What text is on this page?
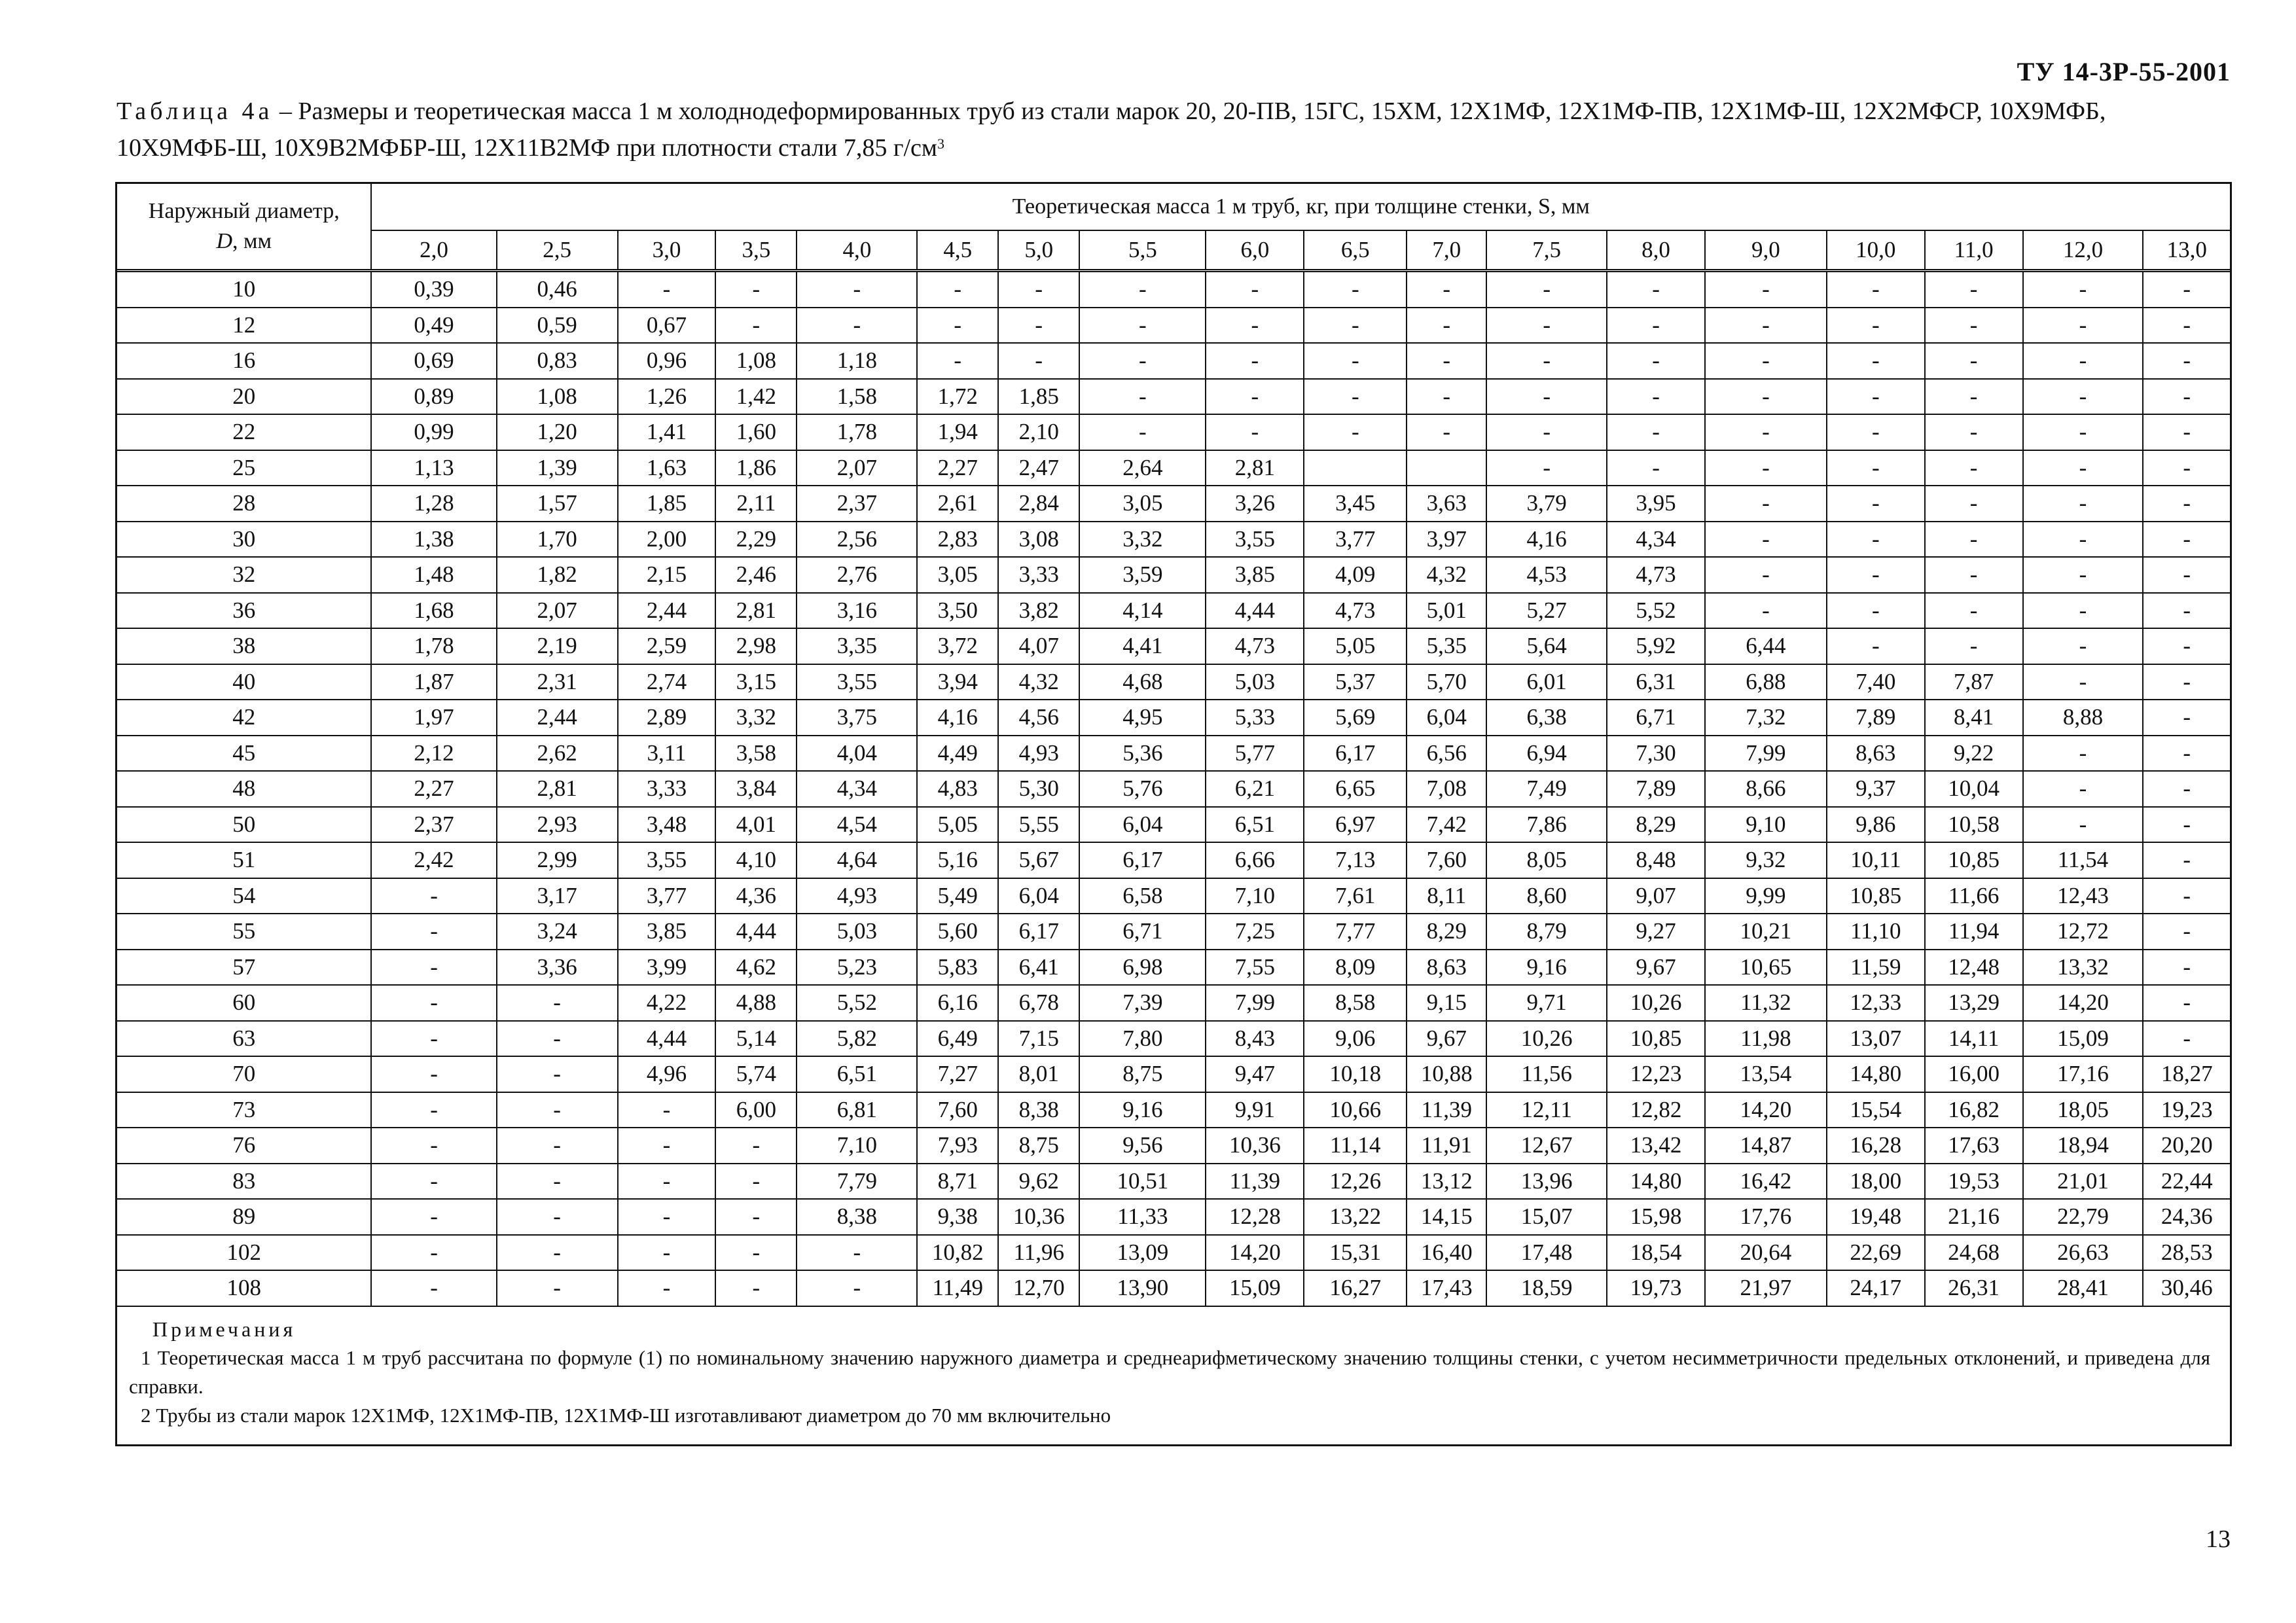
ТУ 14-3Р-55-2001
Таблица 4а – Размеры и теоретическая масса 1 м холоднодеформированных труб из стали марок 20, 20-ПВ, 15ГС, 15ХМ, 12Х1МФ, 12Х1МФ-ПВ, 12Х1МФ-Ш, 12Х2МФСР, 10Х9МФБ, 10Х9МФБ-Ш, 10Х9В2МФБР-Ш, 12Х11В2МФ при плотности стали 7,85 $г/см^3$
Наружный диаметр,
D, мм	Теоретическая масса 1 м труб, кг, при толщине стенки, S, мм																	
	2,0	2,5	3,0	3,5	4,0	4,5	5,0	5,5	6,0	6,5	7,0	7,5	8,0	9,0	10,0	11,0	12,0	13,0
10	0,39	0,46	-	-	-	-	-	-	-	-	-	-	-	-	-	-	-	-
12	0,49	0,59	0,67	-	-	-	-	-	-	-	-	-	-	-	-	-	-	-
16	0,69	0,83	0,96	1,08	1,18	-	-	-	-	-	-	-	-	-	-	-	-	-
20	0,89	1,08	1,26	1,42	1,58	1,72	1,85	-	-	-	-	-	-	-	-	-	-	-
22	0,99	1,20	1,41	1,60	1,78	1,94	2,10	-	-	-	-	-	-	-	-	-	-	-
25	1,13	1,39	1,63	1,86	2,07	2,27	2,47	2,64	2,81			-	-	-	-	-	-	-
28	1,28	1,57	1,85	2,11	2,37	2,61	2,84	3,05	3,26	3,45	3,63	3,79	3,95	-	-	-	-	-
30	1,38	1,70	2,00	2,29	2,56	2,83	3,08	3,32	3,55	3,77	3,97	4,16	4,34	-	-	-	-	-
32	1,48	1,82	2,15	2,46	2,76	3,05	3,33	3,59	3,85	4,09	4,32	4,53	4,73	-	-	-	-	-
36	1,68	2,07	2,44	2,81	3,16	3,50	3,82	4,14	4,44	4,73	5,01	5,27	5,52	-	-	-	-	-
38	1,78	2,19	2,59	2,98	3,35	3,72	4,07	4,41	4,73	5,05	5,35	5,64	5,92	6,44	-	-	-	-
40	1,87	2,31	2,74	3,15	3,55	3,94	4,32	4,68	5,03	5,37	5,70	6,01	6,31	6,88	7,40	7,87	-	-
42	1,97	2,44	2,89	3,32	3,75	4,16	4,56	4,95	5,33	5,69	6,04	6,38	6,71	7,32	7,89	8,41	8,88	-
45	2,12	2,62	3,11	3,58	4,04	4,49	4,93	5,36	5,77	6,17	6,56	6,94	7,30	7,99	8,63	9,22	-	-
48	2,27	2,81	3,33	3,84	4,34	4,83	5,30	5,76	6,21	6,65	7,08	7,49	7,89	8,66	9,37	10,04	-	-
50	2,37	2,93	3,48	4,01	4,54	5,05	5,55	6,04	6,51	6,97	7,42	7,86	8,29	9,10	9,86	10,58	-	-
51	2,42	2,99	3,55	4,10	4,64	5,16	5,67	6,17	6,66	7,13	7,60	8,05	8,48	9,32	10,11	10,85	11,54	-
54	-	3,17	3,77	4,36	4,93	5,49	6,04	6,58	7,10	7,61	8,11	8,60	9,07	9,99	10,85	11,66	12,43	-
55	-	3,24	3,85	4,44	5,03	5,60	6,17	6,71	7,25	7,77	8,29	8,79	9,27	10,21	11,10	11,94	12,72	-
57	-	3,36	3,99	4,62	5,23	5,83	6,41	6,98	7,55	8,09	8,63	9,16	9,67	10,65	11,59	12,48	13,32	-
60	-	-	4,22	4,88	5,52	6,16	6,78	7,39	7,99	8,58	9,15	9,71	10,26	11,32	12,33	13,29	14,20	-
63	-	-	4,44	5,14	5,82	6,49	7,15	7,80	8,43	9,06	9,67	10,26	10,85	11,98	13,07	14,11	15,09	-
70	-	-	4,96	5,74	6,51	7,27	8,01	8,75	9,47	10,18	10,88	11,56	12,23	13,54	14,80	16,00	17,16	18,27
73	-	-	-	6,00	6,81	7,60	8,38	9,16	9,91	10,66	11,39	12,11	12,82	14,20	15,54	16,82	18,05	19,23
76	-	-	-	-	7,10	7,93	8,75	9,56	10,36	11,14	11,91	12,67	13,42	14,87	16,28	17,63	18,94	20,20
83	-	-	-	-	7,79	8,71	9,62	10,51	11,39	12,26	13,12	13,96	14,80	16,42	18,00	19,53	21,01	22,44
89	-	-	-	-	8,38	9,38	10,36	11,33	12,28	13,22	14,15	15,07	15,98	17,76	19,48	21,16	22,79	24,36
102	-	-	-	-	-	10,82	11,96	13,09	14,20	15,31	16,40	17,48	18,54	20,64	22,69	24,68	26,63	28,53
108	-	-	-	-	-	11,49	12,70	13,90	15,09	16,27	17,43	18,59	19,73	21,97	24,17	26,31	28,41	30,46
Примечания
1 Теоретическая масса 1 м труб рассчитана по формуле (1) по номинальному значению наружного диаметра и среднеарифметическому значению толщины стенки, с учетом несимметричности предельных отклонений, и приведена для справки.
2 Трубы из стали марок 12Х1МФ, 12Х1МФ-ПВ, 12Х1МФ-Ш изготавливают диаметром до 70 мм включительно
13
